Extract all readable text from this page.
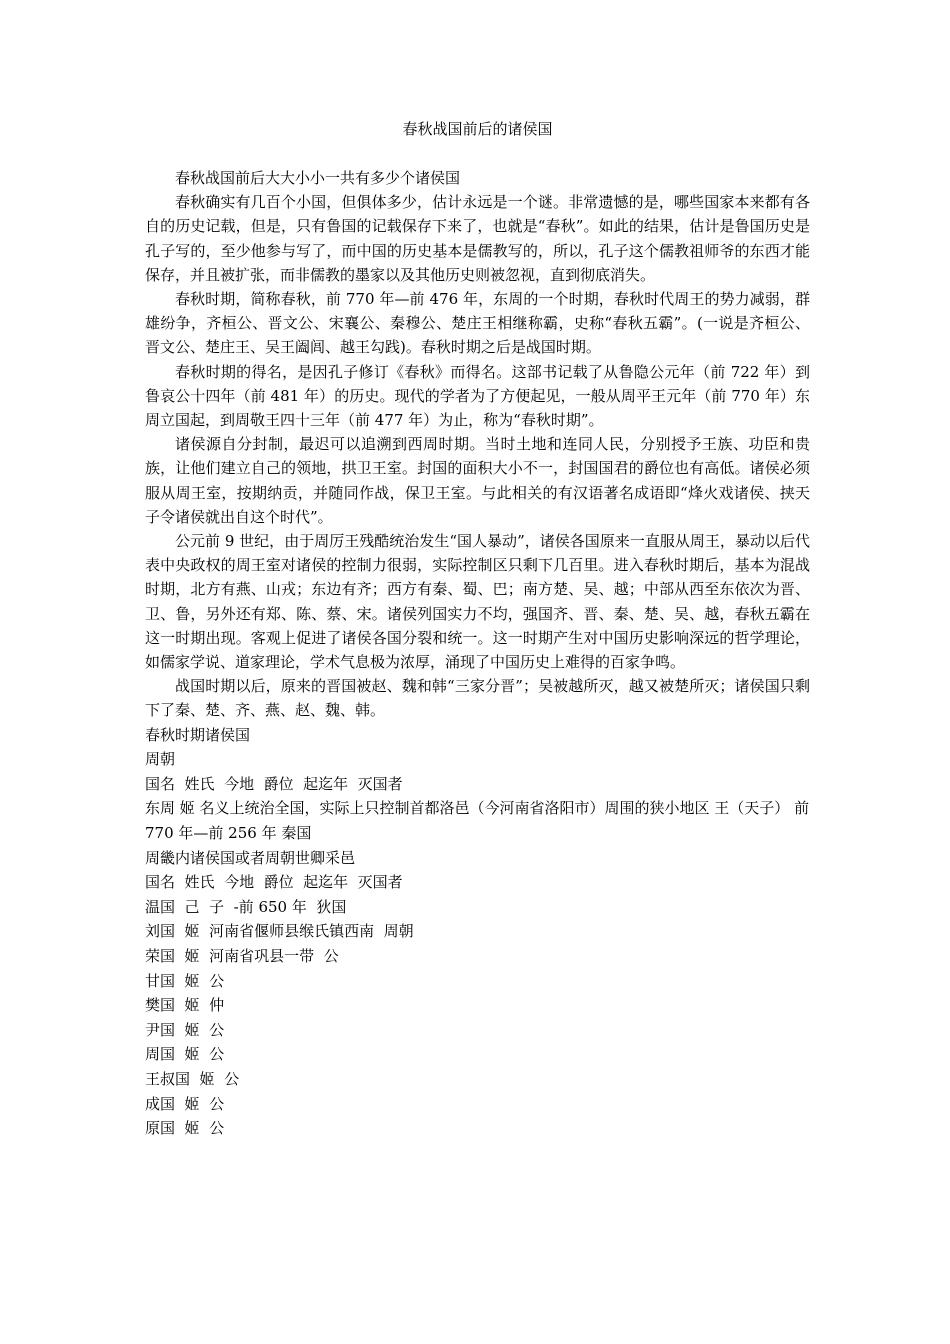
春秋战国前后的诸侯国

春秋战国前后大大小小一共有多少个诸侯国

春秋确实有几百个小国，但俱体多少，估计永远是一个谜。非常遗憾的是，哪些国家本来都有各自的历史记载，但是，只有鲁国的记载保存下来了，也就是“春秋”。如此的结果，估计是鲁国历史是孔子写的，至少他参与写了，而中国的历史基本是儒教写的，所以，孔子这个儒教祖师爷的东西才能保存，并且被扩张，而非儒教的墨家以及其他历史则被忽视，直到彻底消失。

春秋时期，简称春秋，前 770 年—前 476 年，东周的一个时期，春秋时代周王的势力减弱，群雄纷争，齐桓公、晋文公、宋襄公、秦穆公、楚庄王相继称霸，史称“春秋五霸”。(一说是齐桓公、晋文公、楚庄王、吴王阖闾、越王勾践)。春秋时期之后是战国时期。

春秋时期的得名，是因孔子修订《春秋》而得名。这部书记载了从鲁隐公元年（前 722 年）到鲁哀公十四年（前 481 年）的历史。现代的学者为了方便起见，一般从周平王元年（前 770 年）东周立国起，到周敬王四十三年（前 477 年）为止，称为“春秋时期”。

诸侯源自分封制，最迟可以追溯到西周时期。当时土地和连同人民，分别授予王族、功臣和贵族，让他们建立自己的领地，拱卫王室。封国的面积大小不一，封国国君的爵位也有高低。诸侯必须服从周王室，按期纳贡，并随同作战，保卫王室。与此相关的有汉语著名成语即“烽火戏诸侯、挟天子令诸侯就出自这个时代”。

公元前 9 世纪，由于周厉王残酷统治发生“国人暴动”，诸侯各国原来一直服从周王，暴动以后代表中央政权的周王室对诸侯的控制力很弱，实际控制区只剩下几百里。进入春秋时期后，基本为混战时期，北方有燕、山戎；东边有齐；西方有秦、蜀、巴；南方楚、吴、越；中部从西至东依次为晋、卫、鲁，另外还有郑、陈、蔡、宋。诸侯列国实力不均，强国齐、晋、秦、楚、吴、越，春秋五霸在这一时期出现。客观上促进了诸侯各国分裂和统一。这一时期产生对中国历史影响深远的哲学理论，如儒家学说、道家理论，学术气息极为浓厚，涌现了中国历史上难得的百家争鸣。

战国时期以后，原来的晋国被赵、魏和韩“三家分晋”；吴被越所灭，越又被楚所灭；诸侯国只剩下了秦、楚、齐、燕、赵、魏、韩。

春秋时期诸侯国

周朝

国名  姓氏  今地  爵位  起迄年  灭国者

东周 姬 名义上统治全国，实际上只控制首都洛邑（今河南省洛阳市）周围的狭小地区 王（天子） 前 770 年—前 256 年 秦国

周畿内诸侯国或者周朝世卿采邑

国名  姓氏  今地  爵位  起迄年  灭国者

温国  己  子  -前 650 年  狄国

刘国  姬  河南省偃师县缑氏镇西南  周朝

荣国  姬  河南省巩县一带  公

甘国  姬  公

樊国  姬  仲

尹国  姬  公

周国  姬  公

王叔国  姬  公

成国  姬  公

原国  姬  公
